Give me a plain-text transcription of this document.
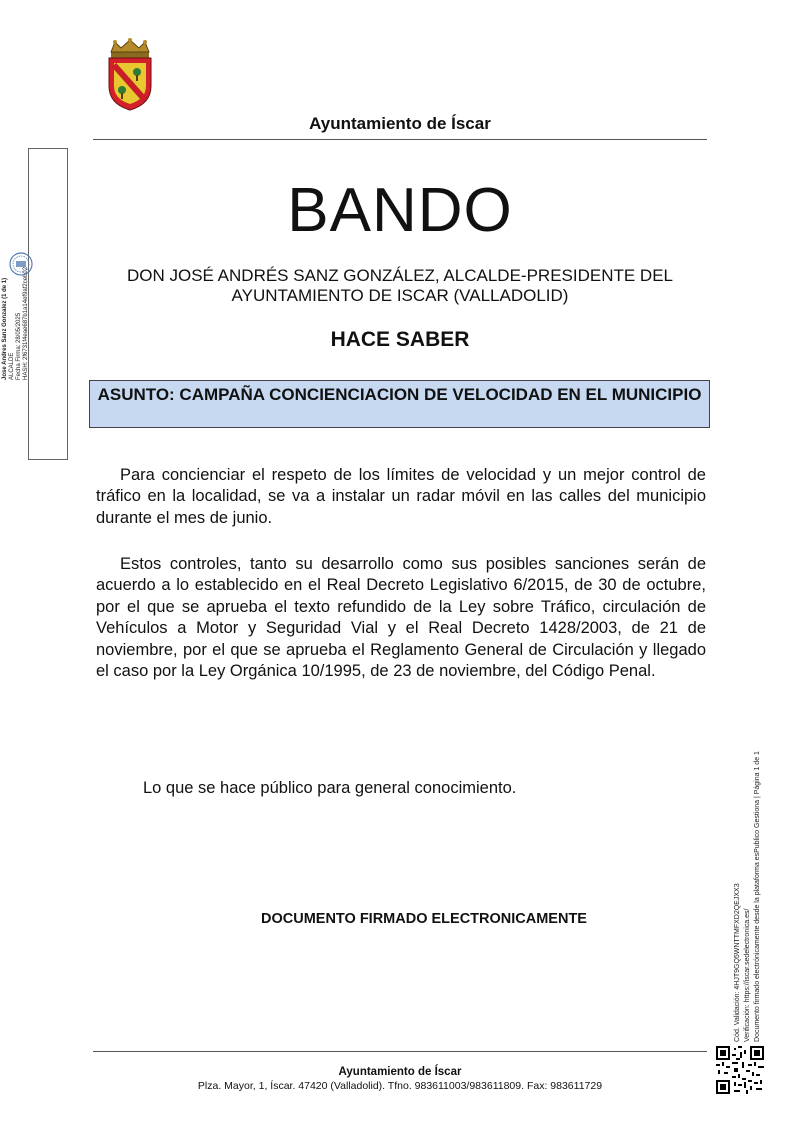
Ayuntamiento de Íscar
Jose Andres Sanz Gonzalez (1 de 1) ALCALDE Fecha Firma: 28/05/2025 HASH: 2f6731f4eae687b1a14ef9af2ceb02
BANDO
DON JOSÉ ANDRÉS SANZ GONZÁLEZ, ALCALDE-PRESIDENTE DEL AYUNTAMIENTO DE ISCAR (VALLADOLID)
HACE SABER
ASUNTO: CAMPAÑA CONCIENCIACION DE VELOCIDAD EN EL MUNICIPIO
Para concienciar el respeto de los límites de velocidad y un mejor control de tráfico en la localidad, se va a instalar un radar móvil en las calles del municipio durante el mes de junio.
Estos controles, tanto su desarrollo como sus posibles sanciones serán de acuerdo a lo establecido en el Real Decreto Legislativo 6/2015, de 30 de octubre, por el que se aprueba el texto refundido de la Ley sobre Tráfico, circulación de Vehículos a Motor y Seguridad Vial y el Real Decreto 1428/2003, de 21 de noviembre, por el que se aprueba el Reglamento General de Circulación y llegado el caso por la Ley Orgánica 10/1995, de 23 de noviembre, del Código Penal.
Lo que se hace público para general conocimiento.
DOCUMENTO FIRMADO ELECTRONICAMENTE	Cód. Validación: 4HJT9GQ5WNTTMFXD2QEJXX3 Verificación: https://iscar.sedelectronica.es/ Documento firmado electrónicamente desde la plataforma esPublico Gestiona | Página 1 de 1
Ayuntamiento de Íscar
Plza. Mayor, 1, Íscar. 47420 (Valladolid). Tfno. 983611003/983611809. Fax: 983611729
